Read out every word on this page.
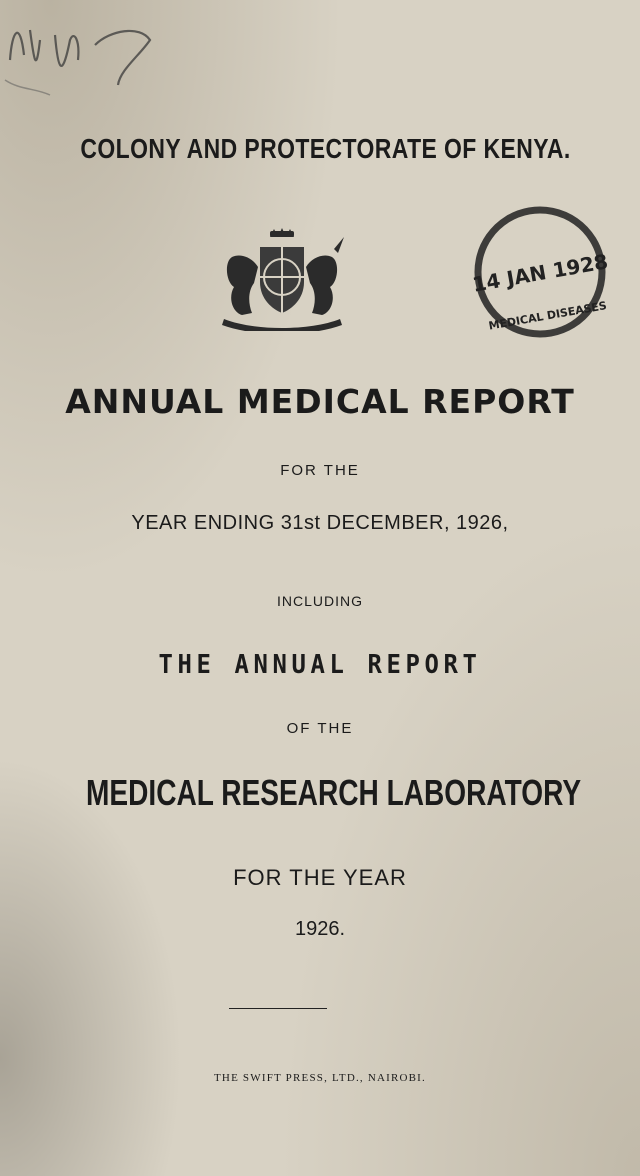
COLONY AND PROTECTORATE OF KENYA.
14 JAN 1928
MEDICAL DISEASES
ANNUAL MEDICAL REPORT
FOR THE
YEAR ENDING 31st DECEMBER, 1926,
INCLUDING
THE ANNUAL REPORT
OF THE
MEDICAL RESEARCH LABORATORY
FOR THE YEAR
1926.
THE SWIFT PRESS, LTD., NAIROBI.
